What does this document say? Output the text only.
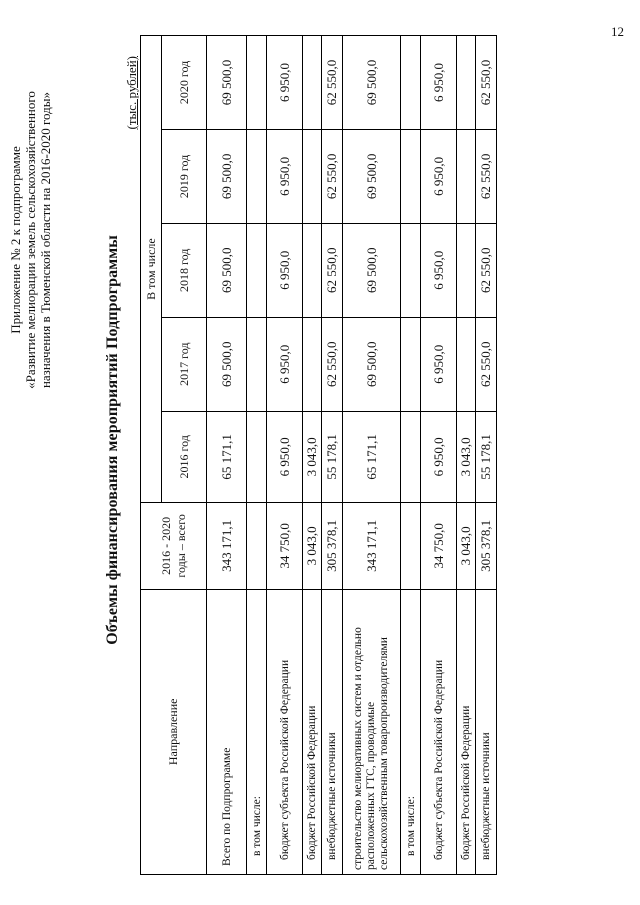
12
Приложение № 2 к подпрограмме «Развитие мелиорации земель сельскохозяйственного назначения в Тюменской области на 2016-2020 годы»	Объемы финансирования мероприятий Подпрограммы
(тыс. рублей)
Направление	2016 - 2020 годы – всего	В том числе				
		2016 год	2017 год	2018 год	2019 год	2020 год
Всего по Подпрограмме	343 171,1	65 171,1	69 500,0	69 500,0	69 500,0	69 500,0
в том числе:						
бюджет субъекта Российской Федерации	34 750,0	6 950,0	6 950,0	6 950,0	6 950,0	6 950,0
бюджет Российской Федерации	3 043,0	3 043,0				
внебюджетные источники	305 378,1	55 178,1	62 550,0	62 550,0	62 550,0	62 550,0
строительство мелиоративных систем и отдельно расположенных ГТС, проводимые сельскохозяйственным товаропроизводителями	343 171,1	65 171,1	69 500,0	69 500,0	69 500,0	69 500,0
в том числе:						
бюджет субъекта Российской Федерации	34 750,0	6 950,0	6 950,0	6 950,0	6 950,0	6 950,0
бюджет Российской Федерации	3 043,0	3 043,0				
внебюджетные источники	305 378,1	55 178,1	62 550,0	62 550,0	62 550,0	62 550,0
